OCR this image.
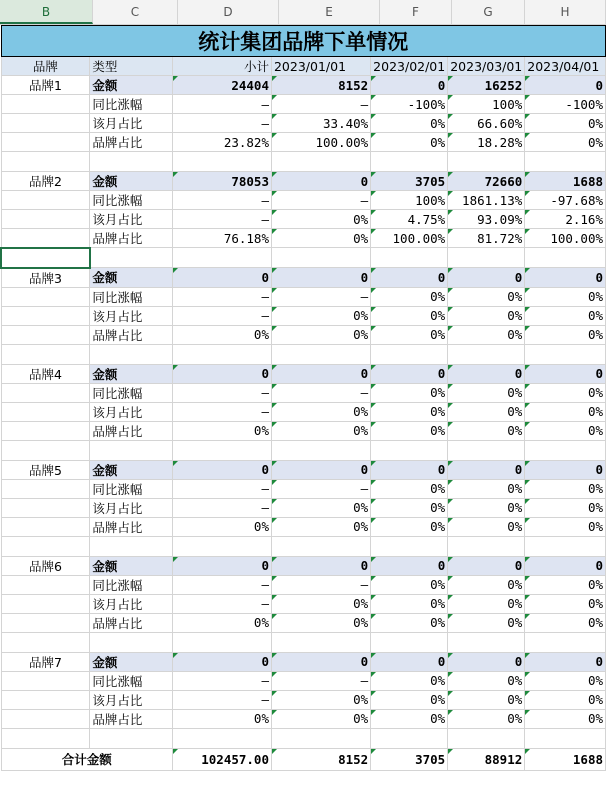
B	C	D	E	F	G	H
统计集团品牌下单情况						
品牌	类型	小计	2023/01/01	2023/02/01	2023/03/01	2023/04/01
品牌1	金额	24404	8152	0	16252	0
	同比涨幅	–	–	-100%	100%	-100%
	该月占比	–	33.40%	0%	66.60%	0%
	品牌占比	23.82%	100.00%	0%	18.28%	0%

品牌2	金额	78053	0	3705	72660	1688
	同比涨幅	–	–	100%	1861.13%	-97.68%
	该月占比	–	0%	4.75%	93.09%	2.16%
	品牌占比	76.18%	0%	100.00%	81.72%	100.00%

品牌3	金额	0	0	0	0	0
	同比涨幅	–	–	0%	0%	0%
	该月占比	–	0%	0%	0%	0%
	品牌占比	0%	0%	0%	0%	0%

品牌4	金额	0	0	0	0	0
	同比涨幅	–	–	0%	0%	0%
	该月占比	–	0%	0%	0%	0%
	品牌占比	0%	0%	0%	0%	0%

品牌5	金额	0	0	0	0	0
	同比涨幅	–	–	0%	0%	0%
	该月占比	–	0%	0%	0%	0%
	品牌占比	0%	0%	0%	0%	0%

品牌6	金额	0	0	0	0	0
	同比涨幅	–	–	0%	0%	0%
	该月占比	–	0%	0%	0%	0%
	品牌占比	0%	0%	0%	0%	0%

品牌7	金额	0	0	0	0	0
	同比涨幅	–	–	0%	0%	0%
	该月占比	–	0%	0%	0%	0%
	品牌占比	0%	0%	0%	0%	0%

合计金额		102457.00	8152	3705	88912	1688
